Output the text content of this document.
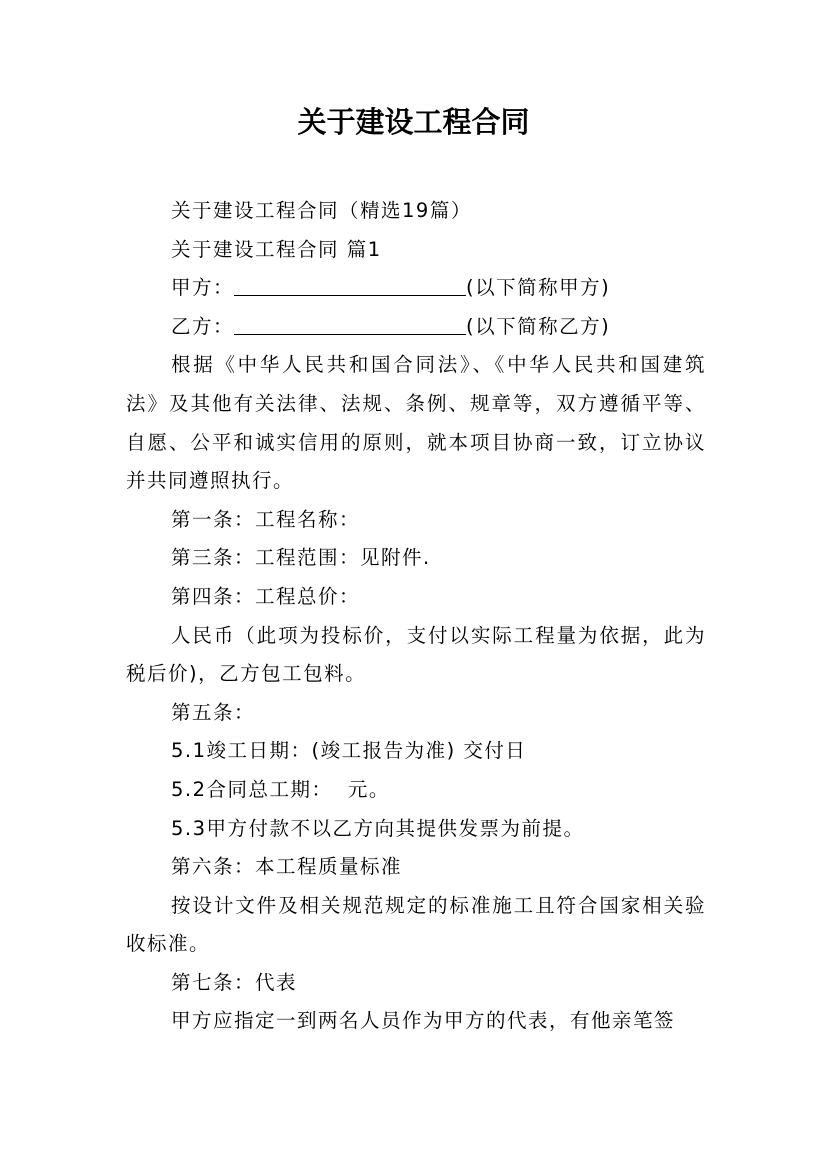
关于建设工程合同

关于建设工程合同（精选19篇）

关于建设工程合同 篇1

甲方：	(以下简称甲方)

乙方：	(以下简称乙方)

根据《中华人民共和国合同法》、《中华人民共和国建筑法》及其他有关法律、法规、条例、规章等，双方遵循平等、自愿、公平和诚实信用的原则，就本项目协商一致，订立协议并共同遵照执行。

第一条：工程名称：

第三条：工程范围：见附件.

第四条：工程总价：

人民币（此项为投标价，支付以实际工程量为依据，此为税后价)，乙方包工包料。

第五条：

5.1竣工日期：(竣工报告为准) 交付日

5.2合同总工期：  元。

5.3甲方付款不以乙方向其提供发票为前提。

第六条：本工程质量标准

按设计文件及相关规范规定的标准施工且符合国家相关验收标准。

第七条：代表

甲方应指定一到两名人员作为甲方的代表，有他亲笔签
